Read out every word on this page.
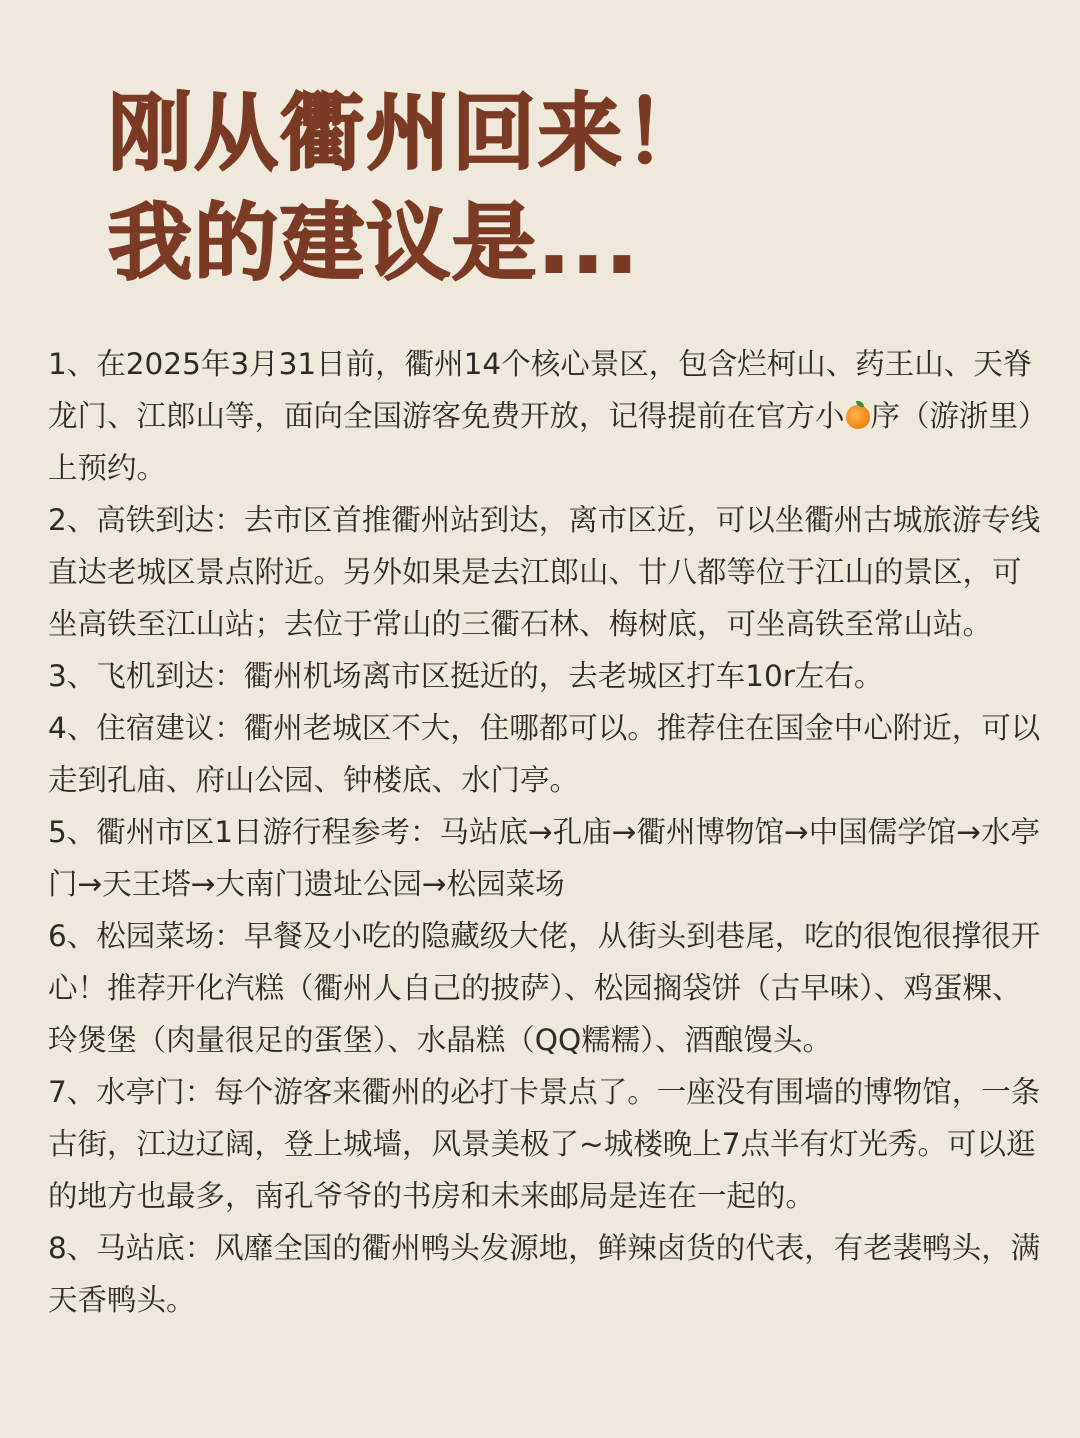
刚从衢州回来！
我的建议是...

1、在2025年3月31日前，衢州14个核心景区，包含烂柯山、药王山、天脊龙门、江郎山等，面向全国游客免费开放，记得提前在官方小 序（游浙里）上预约。

2、高铁到达：去市区首推衢州站到达，离市区近，可以坐衢州古城旅游专线直达老城区景点附近。另外如果是去江郎山、廿八都等位于江山的景区，可坐高铁至江山站；去位于常山的三衢石林、梅树底，可坐高铁至常山站。

3、飞机到达：衢州机场离市区挺近的，去老城区打车10r左右。

4、住宿建议：衢州老城区不大，住哪都可以。推荐住在国金中心附近，可以走到孔庙、府山公园、钟楼底、水门亭。

5、衢州市区1日游行程参考：马站底→孔庙→衢州博物馆→中国儒学馆→水亭门→天王塔→大南门遗址公园→松园菜场

6、松园菜场：早餐及小吃的隐藏级大佬，从街头到巷尾，吃的很饱很撑很开心！推荐开化汽糕（衢州人自己的披萨）、松园搁袋饼（古早味）、鸡蛋粿、玲煲堡（肉量很足的蛋堡）、水晶糕（QQ糯糯）、酒酿馒头。

7、水亭门：每个游客来衢州的必打卡景点了。一座没有围墙的博物馆，一条古街，江边辽阔，登上城墙，风景美极了~城楼晚上7点半有灯光秀。可以逛的地方也最多，南孔爷爷的书房和未来邮局是连在一起的。

8、马站底：风靡全国的衢州鸭头发源地，鲜辣卤货的代表，有老裴鸭头，满天香鸭头。
